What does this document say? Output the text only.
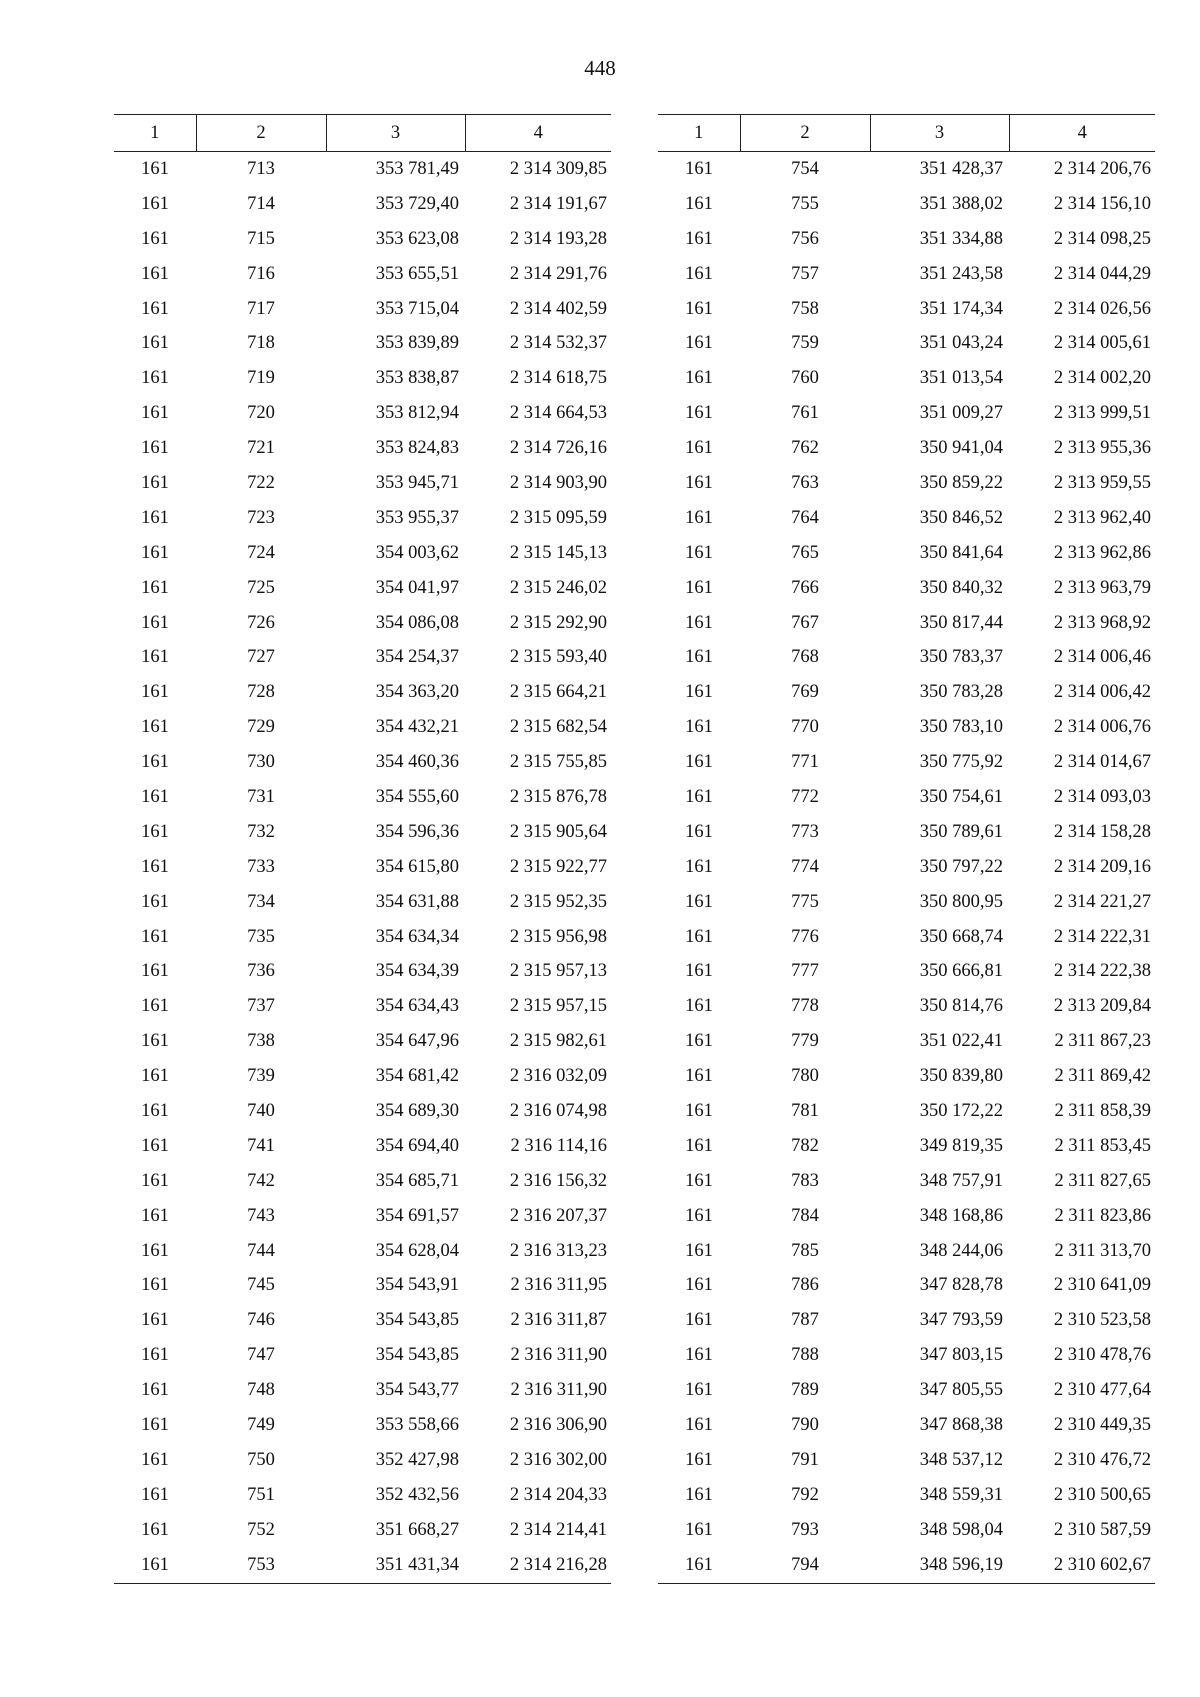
448
1	2	3	4
161	713	353 781,49	2 314 309,85
161	714	353 729,40	2 314 191,67
161	715	353 623,08	2 314 193,28
161	716	353 655,51	2 314 291,76
161	717	353 715,04	2 314 402,59
161	718	353 839,89	2 314 532,37
161	719	353 838,87	2 314 618,75
161	720	353 812,94	2 314 664,53
161	721	353 824,83	2 314 726,16
161	722	353 945,71	2 314 903,90
161	723	353 955,37	2 315 095,59
161	724	354 003,62	2 315 145,13
161	725	354 041,97	2 315 246,02
161	726	354 086,08	2 315 292,90
161	727	354 254,37	2 315 593,40
161	728	354 363,20	2 315 664,21
161	729	354 432,21	2 315 682,54
161	730	354 460,36	2 315 755,85
161	731	354 555,60	2 315 876,78
161	732	354 596,36	2 315 905,64
161	733	354 615,80	2 315 922,77
161	734	354 631,88	2 315 952,35
161	735	354 634,34	2 315 956,98
161	736	354 634,39	2 315 957,13
161	737	354 634,43	2 315 957,15
161	738	354 647,96	2 315 982,61
161	739	354 681,42	2 316 032,09
161	740	354 689,30	2 316 074,98
161	741	354 694,40	2 316 114,16
161	742	354 685,71	2 316 156,32
161	743	354 691,57	2 316 207,37
161	744	354 628,04	2 316 313,23
161	745	354 543,91	2 316 311,95
161	746	354 543,85	2 316 311,87
161	747	354 543,85	2 316 311,90
161	748	354 543,77	2 316 311,90
161	749	353 558,66	2 316 306,90
161	750	352 427,98	2 316 302,00
161	751	352 432,56	2 314 204,33
161	752	351 668,27	2 314 214,41
161	753	351 431,34	2 314 216,28
1	2	3	4
161	754	351 428,37	2 314 206,76
161	755	351 388,02	2 314 156,10
161	756	351 334,88	2 314 098,25
161	757	351 243,58	2 314 044,29
161	758	351 174,34	2 314 026,56
161	759	351 043,24	2 314 005,61
161	760	351 013,54	2 314 002,20
161	761	351 009,27	2 313 999,51
161	762	350 941,04	2 313 955,36
161	763	350 859,22	2 313 959,55
161	764	350 846,52	2 313 962,40
161	765	350 841,64	2 313 962,86
161	766	350 840,32	2 313 963,79
161	767	350 817,44	2 313 968,92
161	768	350 783,37	2 314 006,46
161	769	350 783,28	2 314 006,42
161	770	350 783,10	2 314 006,76
161	771	350 775,92	2 314 014,67
161	772	350 754,61	2 314 093,03
161	773	350 789,61	2 314 158,28
161	774	350 797,22	2 314 209,16
161	775	350 800,95	2 314 221,27
161	776	350 668,74	2 314 222,31
161	777	350 666,81	2 314 222,38
161	778	350 814,76	2 313 209,84
161	779	351 022,41	2 311 867,23
161	780	350 839,80	2 311 869,42
161	781	350 172,22	2 311 858,39
161	782	349 819,35	2 311 853,45
161	783	348 757,91	2 311 827,65
161	784	348 168,86	2 311 823,86
161	785	348 244,06	2 311 313,70
161	786	347 828,78	2 310 641,09
161	787	347 793,59	2 310 523,58
161	788	347 803,15	2 310 478,76
161	789	347 805,55	2 310 477,64
161	790	347 868,38	2 310 449,35
161	791	348 537,12	2 310 476,72
161	792	348 559,31	2 310 500,65
161	793	348 598,04	2 310 587,59
161	794	348 596,19	2 310 602,67
